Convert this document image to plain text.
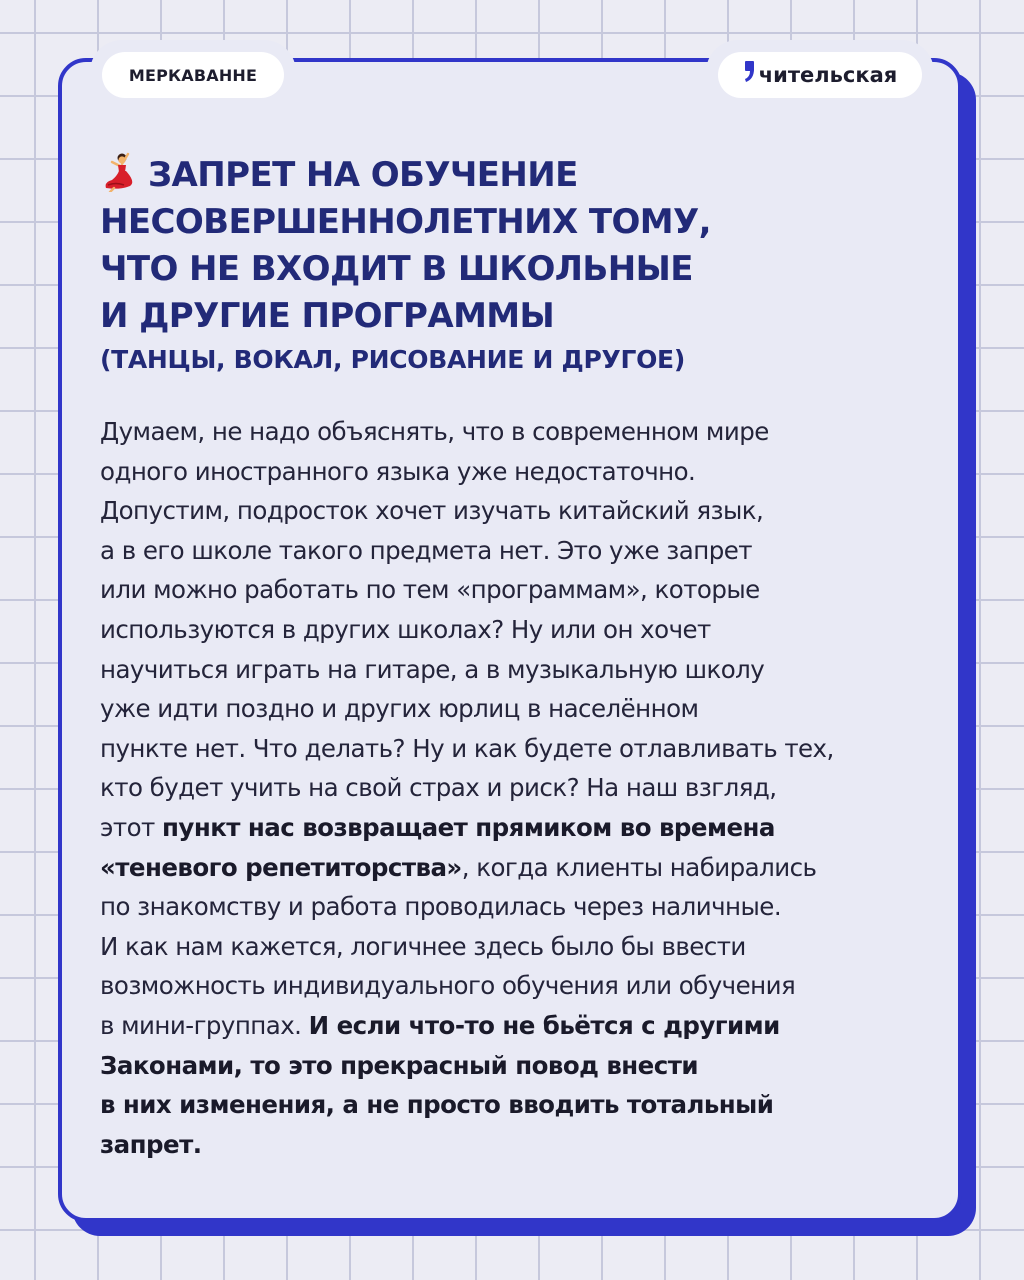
МЕРКАВАННЕ	чительская

ЗАПРЕТ НА ОБУЧЕНИЕ
НЕСОВЕРШЕННОЛЕТНИХ ТОМУ,
ЧТО НЕ ВХОДИТ В ШКОЛЬНЫЕ
И ДРУГИЕ ПРОГРАММЫ

(ТАНЦЫ, ВОКАЛ, РИСОВАНИЕ И ДРУГОЕ)

Думаем, не надо объяснять, что в современном мире
одного иностранного языка уже недостаточно.
Допустим, подросток хочет изучать китайский язык,
а в его школе такого предмета нет. Это уже запрет
или можно работать по тем «программам», которые
используются в других школах? Ну или он хочет
научиться играть на гитаре, а в музыкальную школу
уже идти поздно и других юрлиц в населённом
пункте нет. Что делать? Ну и как будете отлавливать тех,
кто будет учить на свой страх и риск? На наш взгляд,
этот пункт нас возвращает прямиком во времена
«теневого репетиторства», когда клиенты набирались
по знакомству и работа проводилась через наличные.
И как нам кажется, логичнее здесь было бы ввести
возможность индивидуального обучения или обучения
в мини-группах. И если что-то не бьётся с другими
Законами, то это прекрасный повод внести
в них изменения, а не просто вводить тотальный
запрет.
